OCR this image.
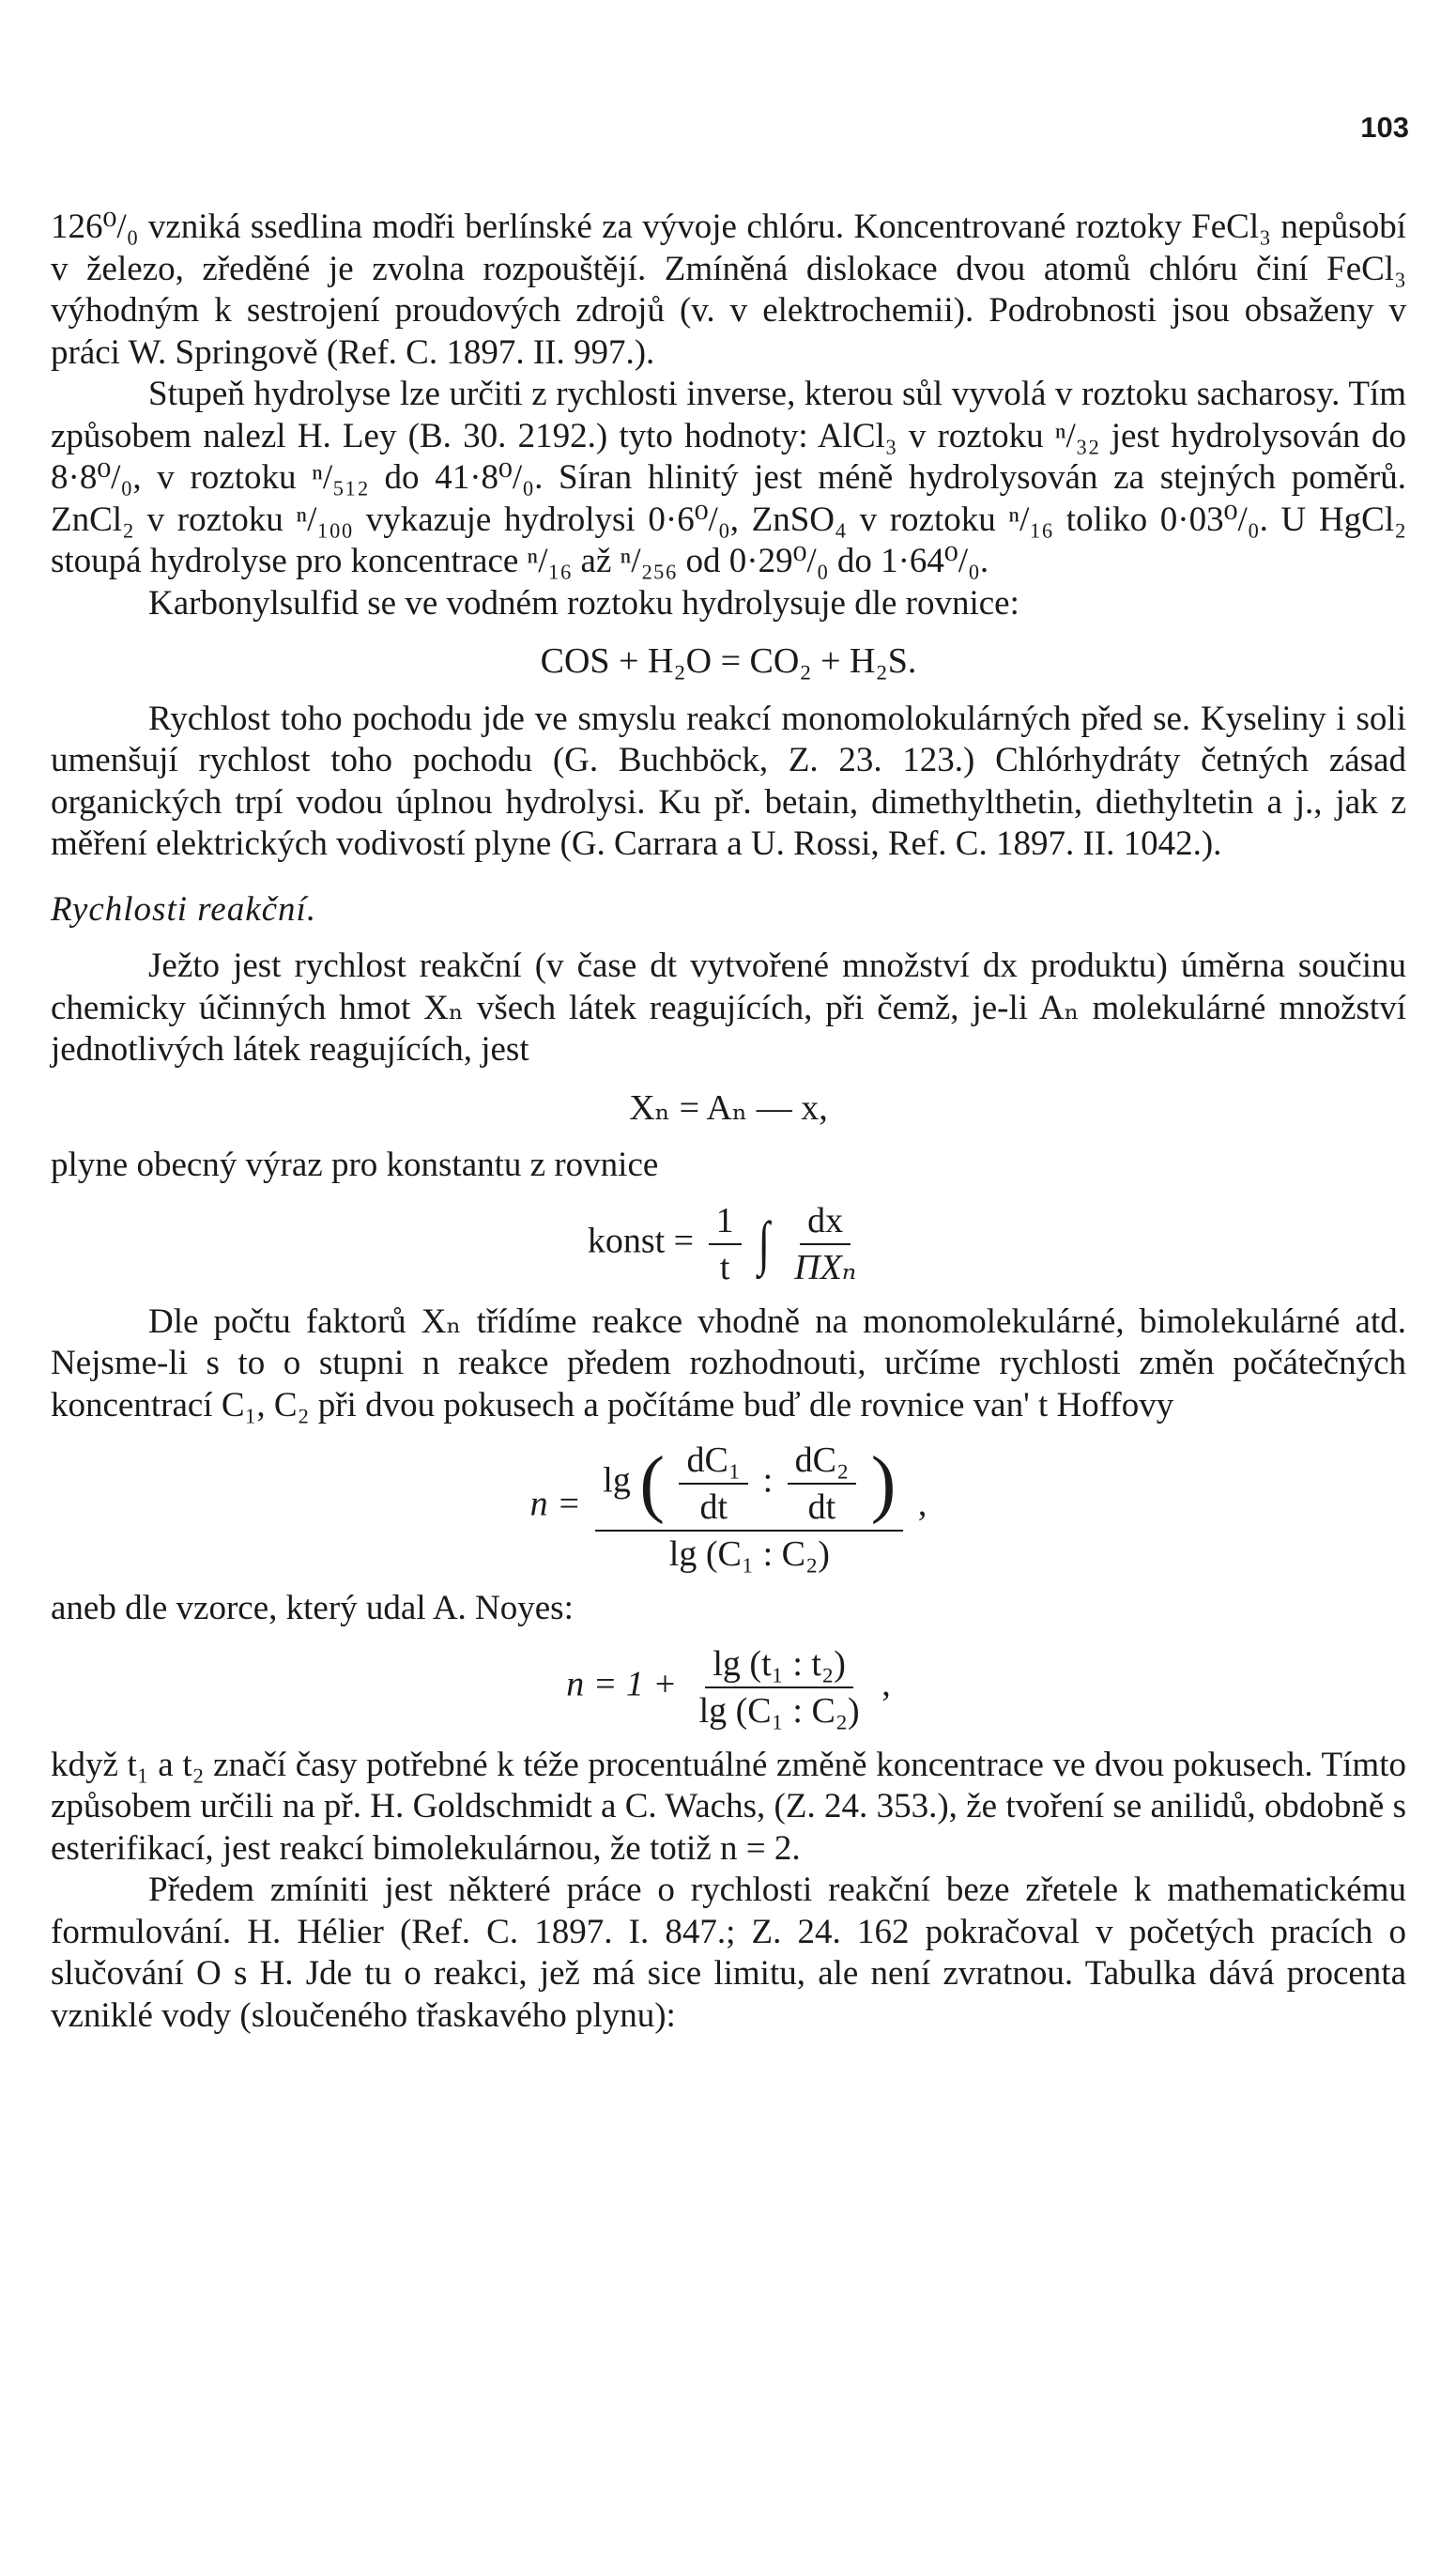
103

126⁰/₀ vzniká ssedlina modři berlínské za vývoje chlóru. Koncentrované roztoky FeCl₃ nepůsobí v železo, zředěné je zvolna rozpouštějí. Zmíněná dislokace dvou atomů chlóru činí FeCl₃ výhodným k sestrojení proudových zdrojů (v. v elektrochemii). Podrobnosti jsou obsaženy v práci W. Springově (Ref. C. 1897. II. 997.).

Stupeň hydrolyse lze určiti z rychlosti inverse, kterou sůl vyvolá v roztoku sacharosy. Tím způsobem nalezl H. Ley (B. 30. 2192.) tyto hodnoty: AlCl₃ v roztoku ⁿ/₃₂ jest hydrolysován do 8·8⁰/₀, v roztoku ⁿ/₅₁₂ do 41·8⁰/₀. Síran hlinitý jest méně hydrolysován za stejných poměrů. ZnCl₂ v roztoku ⁿ/₁₀₀ vykazuje hydrolysi 0·6⁰/₀, ZnSO₄ v roztoku ⁿ/₁₆ toliko 0·03⁰/₀. U HgCl₂ stoupá hydrolyse pro koncentrace ⁿ/₁₆ až ⁿ/₂₅₆ od 0·29⁰/₀ do 1·64⁰/₀.

Karbonylsulfid se ve vodném roztoku hydrolysuje dle rovnice:

COS + H₂O = CO₂ + H₂S.

Rychlost toho pochodu jde ve smyslu reakcí monomolokulárných před se. Kyseliny i soli umenšují rychlost toho pochodu (G. Buchböck, Z. 23. 123.) Chlórhydráty četných zásad organických trpí vodou úplnou hydrolysi. Ku př. betain, dimethylthetin, diethyltetin a j., jak z měření elektrických vodivostí plyne (G. Carrara a U. Rossi, Ref. C. 1897. II. 1042.).

Rychlosti reakční.

Ježto jest rychlost reakční (v čase dt vytvořené množství dx produktu) úměrna součinu chemicky účinných hmot Xₙ všech látek reagujících, při čemž, je-li Aₙ molekulárné množství jednotlivých látek reagujících, jest

Xₙ = Aₙ — x,

plyne obecný výraz pro konstantu z rovnice

konst = $\frac{1}{t}$ ∫ $\frac{dx}{\text{ΠXₙ}}$

Dle počtu faktorů Xₙ třídíme reakce vhodně na monomolekulárné, bimolekulárné atd. Nejsme-li s to o stupni n reakce předem rozhodnouti, určíme rychlosti změn počátečných koncentrací C₁, C₂ při dvou pokusech a počítáme buď dle rovnice van' t Hoffovy

n =
lg ( $\frac{\text{dC₁}}{dt}$ : $\frac{\text{dC₂}}{dt}$ )
lg (C₁ : C₂)
,

aneb dle vzorce, který udal A. Noyes:

$n = 1 + \frac{\text{lg (t₁ : t₂)}}{\text{lg (C₁ : C₂)}}$ ,

když t₁ a t₂ značí časy potřebné k téže procentuálné změně koncentrace ve dvou pokusech. Tímto způsobem určili na př. H. Goldschmidt a C. Wachs, (Z. 24. 353.), že tvoření se anilidů, obdobně s esterifikací, jest reakcí bimolekulárnou, že totiž n = 2.

Předem zmíniti jest některé práce o rychlosti reakční beze zřetele k mathematickému formulování. H. Hélier (Ref. C. 1897. I. 847.; Z. 24. 162 pokračoval v početých pracích o slučování O s H. Jde tu o reakci, jež má sice limitu, ale není zvratnou. Tabulka dává procenta vzniklé vody (sloučeného třaskavého plynu):
